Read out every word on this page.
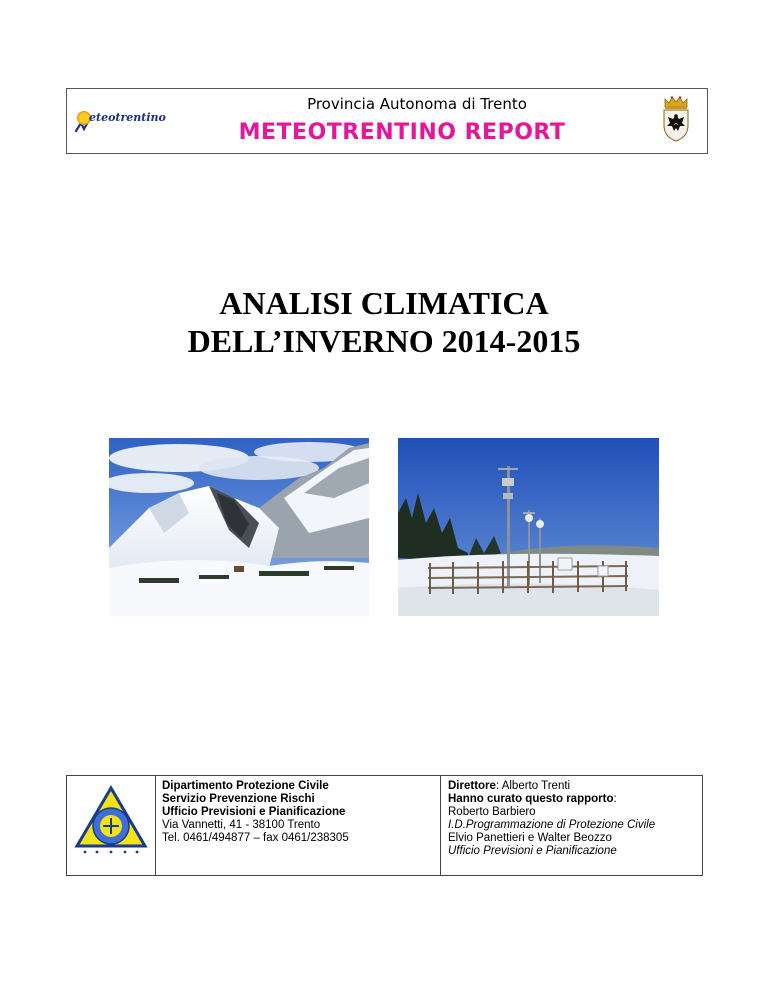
eteotrentino
Provincia Autonoma di Trento
METEOTRENTINO REPORT
ANALISI CLIMATICA
DELL’INVERNO 2014-2015
Dipartimento Protezione Civile
Servizio Prevenzione Rischi
Ufficio Previsioni e Pianificazione
Via Vannetti, 41 - 38100 Trento
Tel. 0461/494877 – fax 0461/238305
Direttore: Alberto Trenti
Hanno curato questo rapporto:
Roberto Barbiero
I.D.Programmazione di Protezione Civile
Elvio Panettieri e Walter Beozzo
Ufficio Previsioni e Pianificazione
